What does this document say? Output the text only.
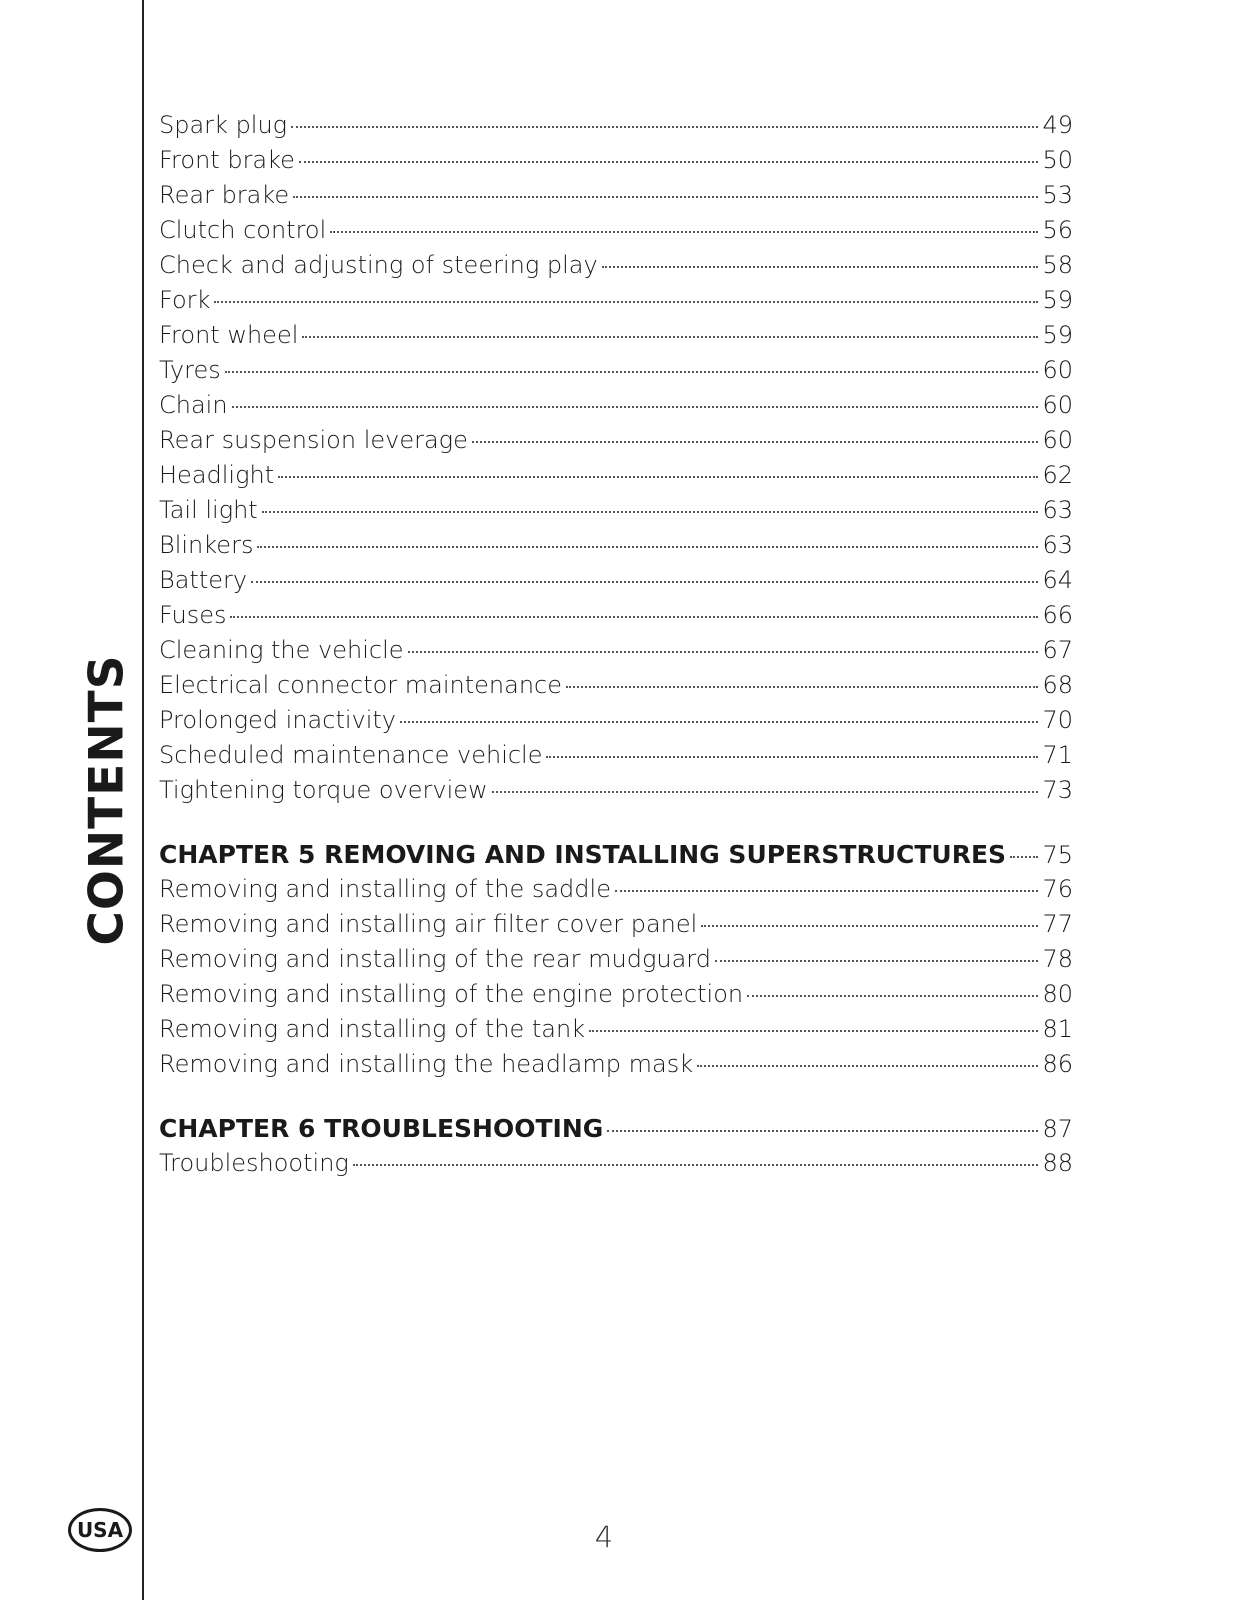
CONTENTS
USA
Spark plug	49
Front brake	50
Rear brake	53
Clutch control	56
Check and adjusting of steering play	58
Fork	59
Front wheel	59
Tyres	60
Chain	60
Rear suspension leverage	60
Headlight	62
Tail light	63
Blinkers	63
Battery	64
Fuses	66
Cleaning the vehicle	67
Electrical connector maintenance	68
Prolonged inactivity	70
Scheduled maintenance vehicle	71
Tightening torque overview	73
CHAPTER 5 REMOVING AND INSTALLING SUPERSTRUCTURES 75
Removing and installing of the saddle	76
Removing and installing air filter cover panel	77
Removing and installing of the rear mudguard	78
Removing and installing of the engine protection	80
Removing and installing of the tank	81
Removing and installing the headlamp mask	86
CHAPTER 6 TROUBLESHOOTING	87
Troubleshooting	88
4
